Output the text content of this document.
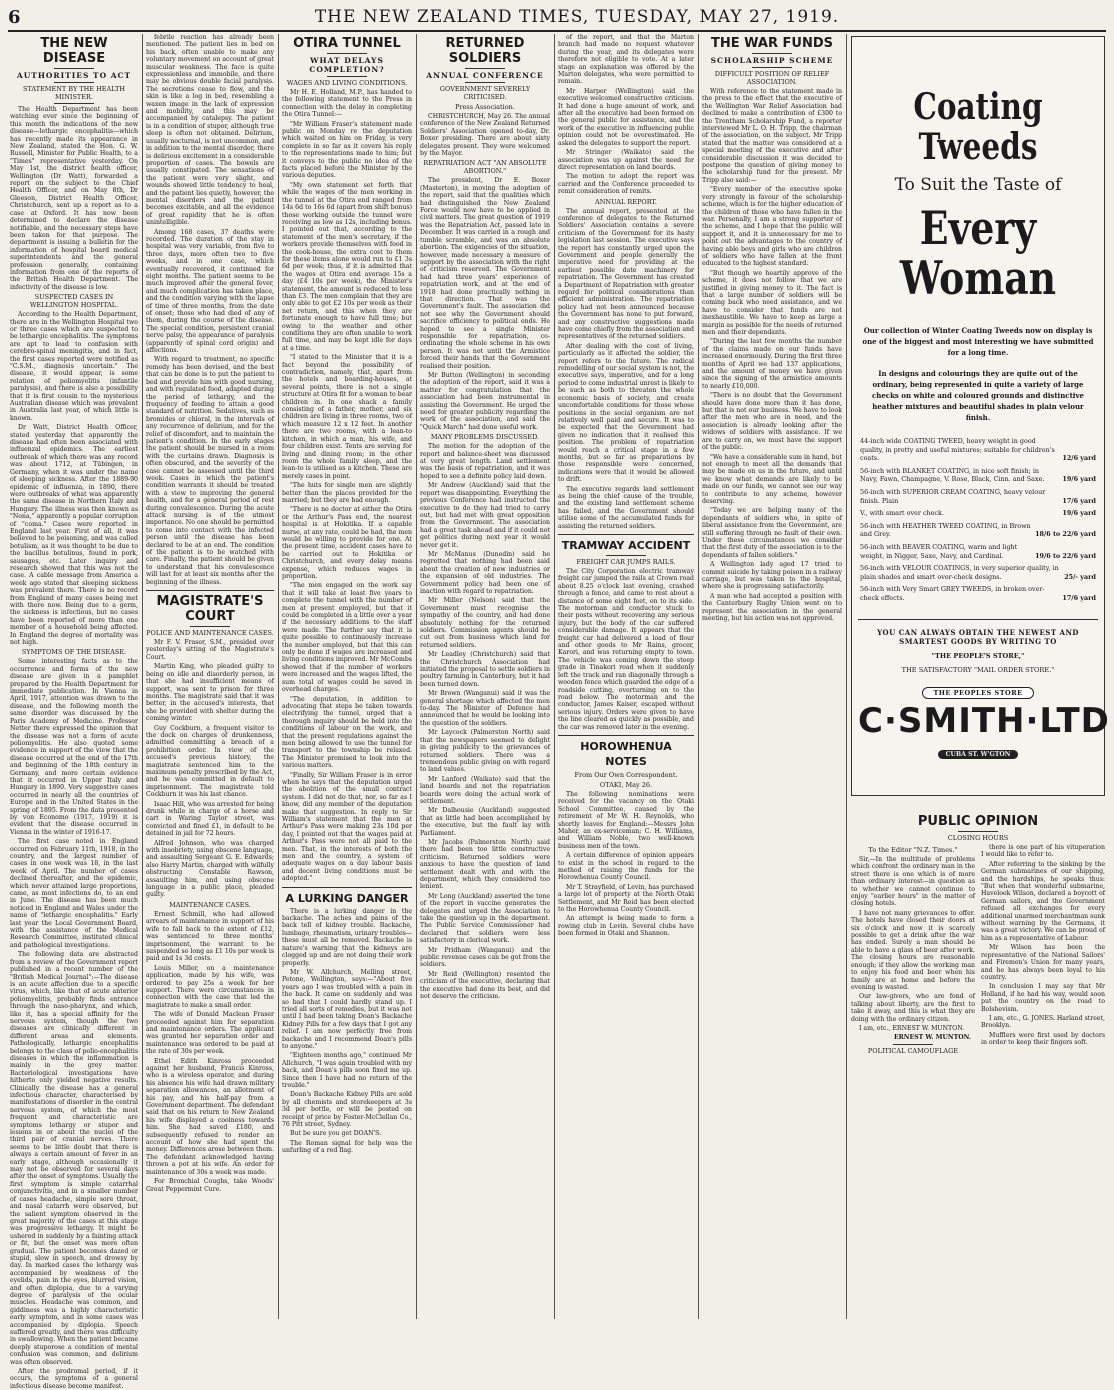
6	THE NEW ZEALAND TIMES, TUESDAY, MAY 27, 1919.
THE NEW DISEASE
AUTHORITIES TO ACT
STATEMENT BY THE HEALTH MINISTER.

The Health Department has been watching ever since the beginning of this month the indications of the new disease—lethargic encephalitis—which has recently made its appearance in New Zealand, stated the Hon. G. W. Russell, Minister for Public Health, to a "Times" representative yesterday. On May 1st, the district health officer, Wellington (Dr Watt), forwarded a report on the subject to the Chief Health Officer, and on May 8th, Dr Gleeson, District Health Officer, Christchurch, sent up a report as to a case at Oxford. It has now been determined to declare the disease notifiable, and the necessary steps have been taken for that purpose. The department is issuing a bulletin for the information of hospital board medical superintendents and the general profession generally, containing information from one of the reports of the British Health Department. The infectivity of the disease is low.

SUSPECTED CASES IN WELLINGTON HOSPITAL.

According to the Health Department, there are in the Wellington Hospital two or three cases which are suspected to be lethargic encephalitis. The symptoms are apt to lead to confusion with cerebro-spinal meningitis, and in fact, the first cases reported were notified as "C.S.M., diagnosis uncertain." The disease, it would appear, is some relation of poliomyelitis (infantile paralysis), and there is also a possibility that it is first cousin to the mysterious Australian disease which was prevalent in Australia last year, of which little is known.

Dr Watt, District Health Officer, stated yesterday that apparently the disease had often been associated with influenzal epidemics. The earliest outbreak of which there was any record was about 1712, at Tübingen, in Germany, when it was under the name of sleeping sickness. After the 1889-90 epidemic of influenza, in 1890, there were outbreaks of what was apparently the same disease in Northern Italy and Hungary. The illness was then known as "Nona," apparently a popular corruption of "coma." Cases were reported in England last year. First of all, it was believed to be poisoning, and was called botulism, as it was thought to be due to the bacillus botulinus, found in pork, sausages, etc. Later inquiry and research showed that this was not the case. A cable message from America a week ago stated that sleeping sickness was prevalent there. There is no record from England of many cases being met with there now. Being due to a germ, the sickness is infectious, but no cases have been reported of more than one member of a household being affected. In England the degree of mortality was not high.

SYMPTOMS OF THE DISEASE.

Some interesting facts as to the occurrence and forms of the new disease are given in a pamphlet prepared by the Health Department for immediate publication. In Vienna in April, 1917, attention was drawn to the disease, and the following month the same disorder was discussed by the Paris Academy of Medicine. Professor Netter there expressed the opinion that the disease was not a form of acute poliomyelitis. He also quoted some evidence in support of the view that the disease occurred at the end of the 17th and beginning of the 18th century in Germany, and more certain evidence that it occurred in Upper Italy and Hungary in 1890. Very suggestive cases occurred in nearly all the countries of Europe and in the United States in the spring of 1895. From the data presented by von Economo (1917, 1919) it is evident that the disease occurred in Vienna in the winter of 1916-17.

The first case noted in England occurred on February 11th, 1918, in the country, and the largest number of cases in one week was 18, in the last week of April. The number of cases declined thereafter, and the epidemic, which never attained large proportions, came, as most infections do, to an end in June. The disease has been much noticed in England and Wales under the name of "lethargic encephalitis." Early last year the Local Government Board, with the assistance of the Medical Research Committee, instituted clinical and pathological investigations.

The following data are abstracted from a review of the Government report published in a recent number of the "British Medical Journal":—The disease is an acute affection due to a specific virus, which, like that of acute anterior poliomyelitis, probably finds entrance through the naso-pharynx, and which, like it, has a special affinity for the nervous system, though the two diseases are clinically different in different areas and elements. Pathologically, lethargic encephalitis belongs to the class of polio-encephalitis diseases in which the inflammation is mainly in the grey matter. Bacteriological investigations have hitherto only yielded negative results. Clinically the disease has a general infectious character, characterised by manifestations of disorder in the central nervous system, of which the most frequent and characteristic are symptoms lethargy or stupor and lesions in or about the nuclei of the third pair of cranial nerves. There seems to be little doubt that there is always a certain amount of fever in an early stage, although occasionally it may not be observed for several days after the onset of symptoms. Usually the first symptom is simple catarrhal conjunctivitis, and in a smaller number of cases headache, simple sore throat, and nasal catarrh were observed, but the salient symptom observed in the great majority of the cases at this stage was progressive lethargy. It might be ushered in suddenly by a fainting attack or fit, but the onset was more often gradual. The patient becomes dazed or stupid, slow in speech, and drowsy by day. In marked cases the lethargy was accompanied by weakness of the eyelids, pain in the eyes, blurred vision, and often diplopia, due to a varying degree of paralysis of the ocular muscles. Headache was common, and giddiness was a highly characteristic early symptom, and in some cases was accompanied by diplopia. Speech suffered greatly, and there was difficulty in swallowing. When the patient became deeply stuporose a condition of mental confusion was common, and delirium was often observed.

After the prodromal period, if it occurs, the symptoms of a general infectious disease become manifest.

febrile reaction has already been mentioned. The patient lies in bed on his back, often unable to make any voluntary movement on account of great muscular weakness. The face is quite expressionless and immobile, and there may be obvious double facial paralysis. The secretions cease to flow, and the skin is like a log in bed, resembling a waxen image in the lack of expression and mobility, and this may be accompanied by catalepsy. The patient is in a condition of stupor, although true sleep is often not obtained. Delirium, usually nocturnal, is not uncommon, and in addition to the mental disorder, there is delirious excitement in a considerable proportion of cases. The bowels are usually constipated. The sensations of the patient were very slight, and wounds showed little tendency to heal, and the patient lies quietly, however, the mental disorders and the patient becomes excitable, and all the evidence of great rapidity that he is often unintelligible.

Among 168 cases, 37 deaths were recorded. The duration of the stay in hospital was very variable, from five to three days, more often two to five weeks, and in one case, which eventually recovered, it continued for eight months. The patient seems to be much improved after the general fever, and much complication has taken place, and the condition varying with the lapse of time of three months, from the date of onset; those who had died of any of them, during the course of the disease. The special condition, persistent cranial nerve palsy, the appearance of paralysis (apparently of spinal cord origin) and affections.

With regard to treatment, no specific remedy has been devised, and the best that can be done is to put the patient to bed and provide him with good nursing, and with regulated food, adapted during the period of lethargy, and the frequency of feeding to attain a good standard of nutrition. Sedatives, such as bromides or chloral, in the intervals of any recurrence of delirium, and for the relief of discomfort, and to maintain the patient's condition. In the early stages the patient should be nursed in a room with the curtains drawn. Diagnosis is often obscured, and the severity of the case cannot be assessed until the third week. Cases in which the patient's condition warrants it should be treated with a view to improving the general health, and for a general period of rest during convalescence. During the acute attack nursing is of the utmost importance. No one should be permitted to come into contact with the infected person until the disease has been declared to be at an end. The condition of the patient is to be watched with care. Finally, the patient should be given to understand that his convalescence will last for at least six months after the beginning of the illness.

MAGISTRATE'S COURT
POLICE AND MAINTENANCE CASES.

Mr F. V. Fraser, S.M., presided over yesterday's sitting of the Magistrate's Court.

Martin King, who pleaded guilty to being on idle and disorderly person, in that she had insufficient means of support, was sent to prison for three months. The magistrate said that it was better, in the accused's interests, that she be provided with shelter during the coming winter.

Guy Cockburn, a frequent visitor to the dock on charges of drunkenness, admitted committing a breach of a prohibition order. In view of the accused's previous history, the magistrate sentenced him to the maximum penalty prescribed by the Act, and he was committed in default to imprisonment. The magistrate told Cockburn it was his last chance.

Isaac Hill, who was arrested for being drunk while in charge of a horse and cart in Waring Taylor street, was convicted and fined £1, in default to be detained in jail for 72 hours.

Alfred Johnson, who was charged with insobriety, using obscene language, and assaulting Sergeant G. E. Edwards; also Harry Martin, charged with wilfully obstructing Constable Rawson, assaulting him, and using obscene language in a public place, pleaded guilty.

MAINTENANCE CASES.

Ernest Schmill, who had allowed arrears of maintenance in support of his wife to fall back to the extent of £12, was sentenced to three months' imprisonment, the warrant to be suspended so long as £1 10s per week is paid and 1s 3d costs.

Louis Miller, on a maintenance application, made by his wife, was ordered to pay 25s a week for her support. There were circumstances in connection with the case that led the magistrate to make a small order.

The wife of Donald Maclean Fraser proceeded against him for separation and maintenance orders. The applicant was granted her separation order and maintenance was ordered to be paid at the rate of 30s per week.

Ethel Edith Kinross proceeded against her husband, Francis Kinross, who is a wireless operator, and during his absence his wife had drawn military separation allowances, an allotment of his pay, and his half-pay from a Government department. The defendant said that on his return to New Zealand his wife displayed a coolness towards him. She had saved £180, and subsequently refused to render an account of how she had spent the money. Differences arose between them. The defendant acknowledged having thrown a pot at his wife. An order for maintenance of 30s a week was made.

For Bronchial Coughs, take Woods' Great Peppermint Cure.

OTIRA TUNNEL
WHAT DELAYS COMPLETION?
WAGES AND LIVING CONDITIONS.

Mr H. E. Holland, M.P., has handed to the following statement to the Press in connection with the delay in completing the Otira Tunnel:—

"Mr William Fraser's statement made public on Monday re the deputation which waited on him on Friday, is very complete in so far as it covers his reply to the representations made to him; but it conveys to the public no idea of the facts placed before the Minister by the various deputies.

"My own statement set forth that while the wages of the men working in the tunnel at the Otira end ranged from 14s 6d to 16s 6d (apart from shift bonus) those working outside the tunnel were receiving as low as 12s, including bonus. I pointed out that, according to the statement of the men's secretary, if the workers provide themselves with food in the cook-house, the extra cost to them for these items alone would run to £1 3s 6d per week; thus, if it is admitted that the wages at Otira end average 15s a day (£4 10s per week), the Minister's statement, the amount is reduced to less than £3. The men complain that they are only able to get £2 10s per week as their net return, and this when they are fortunate enough to have full time; but owing to the weather and other conditions they are often unable to work full time, and may be kept idle for days at a time.

"I stated to the Minister that it is a fact beyond the possibility of contradiction, namely, that, apart from the hotels and boarding-houses, at several points, there is not a single structure at Otira fit for a woman to bear children in. In one shack a family consisting of a father, mother, and six children are living in three rooms, two of which measure 12 x 12 feet. In another there are two rooms, with a lean-to kitchen, in which a man, his wife, and four children exist. Tents are serving for living and dining room; in the other room the whole family sleep, and the lean-to is utilised as a kitchen. These are merely cases in point.

"The huts for single men are slightly better than the places provided for the married; but they are bad enough.

"There is no doctor at either the Otira or the Arthur's Pass end, the nearest hospital is at Hokitika. If a capable nurse, at any rate, could be had, the men would be willing to provide for one. At the present time, accident cases have to be carried out to Hokitika or Christchurch, and every delay means expense, which reduces wages in proportion.

"The men engaged on the work say that it will take at least five years to complete the tunnel with the number of men at present employed, but that it could be completed in a little over a year if the necessary additions to the staff were made. The further say that it is quite possible to continuously increase the number employed, but that this can only be done if wages are increased and living conditions improved. Mr McCombs showed that if the number of workers were increased and the wages lifted, the sum total of wages could be saved in overhead charges.

"The deputation, in addition to advocating that steps be taken towards electrifying the tunnel, urged that a thorough inquiry should be held into the conditions of labour on the work, and that the present regulations against the men being allowed to use the tunnel for transport to the township be relaxed. The Minister promised to look into the various matters.

"Finally, Sir William Fraser is in error when he says that the deputation urged the abolition of the small contract system. I did not do that, nor, so far as I know, did any member of the deputation make that suggestion. In reply to Sir William's statement that the men at Arthur's Pass were making 23s 10d per day, I pointed out that the wages paid at Arthur's Pass were not all paid to the men. That, in the interests of both the men and the country, a system of adequate wages on a day labour basis and decent living conditions must be adopted."

A LURKING DANGER

There is a lurking danger in the backache. The aches and pains of the back tell of kidney trouble. Backache, lumbago, rheumatism, urinary troubles—these must all be removed. Backache is nature's warning that the kidneys are clogged up and are not doing their work properly.

Mr W. Allchurch, Melling street, Petone, Wellington, says:—"About five years ago I was troubled with a pain in the back. It came on suddenly and was so bad that I could hardly stand up. I tried all sorts of remedies, but it was not until I had been taking Doan's Backache Kidney Pills for a few days that I got any relief. I am now perfectly free from backache and I recommend Doan's pills to anyone."

"Eighteen months ago," continued Mr Allchurch, "I was again troubled with my back, and Doan's pills soon fixed me up. Since then I have had no return of the trouble."

Doan's Backache Kidney Pills are sold by all chemists and storekeepers at 3s 3d per bottle, or will be posted on receipt of price by Foster-McClellan Co., 76 Pitt street, Sydney.

But be sure you get DOAN'S.

The Roman signal for help was the unfurling of a red flag.

RETURNED SOLDIERS
ANNUAL CONFERENCE
GOVERNMENT SEVERELY CRITICISED.
Press Association.

CHRISTCHURCH, May 26. The annual conference of the New Zealand Returned Soldiers' Association opened to-day, Dr. Boxer presiding. There are about sixty delegates present. They were welcomed by the Mayor.

REPATRIATION ACT "AN ABSOLUTE ABORTION."

The president, Dr E. Boxer (Masterton), in moving the adoption of the report, said that the qualities which had distinguished the New Zealand Force would now have to be applied in civil matters. The great question of 1919 was the Repatriation Act, passed late in December. It was carried in a rough and tumble scramble, and was an absolute abortion. The exigencies of the situation, however, made necessary a measure of support by the association with the right of criticism reserved. The Government had had three years' experience of repatriation work, and at the end of 1918 had done practically nothing in that direction. That was the Government's fault. The association did not see why the Government should sacrifice efficiency to political ends. He hoped to see a single Minister responsible for repatriation, co-ordinating the whole scheme in his own person. It was not until the Armistice forced their hands that the Government realised their position.

Mr Button (Wellington) in seconding the adoption of the report, said it was a matter for congratulation that the association had been instrumental in assisting the Government. He urged the need for greater publicity regarding the work of the association, and said the "Quick March" had done useful work.

MANY PROBLEMS DISCUSSED.

The motion for the adoption of the report and balance-sheet was discussed at very great length. Land settlement was the basis of repatriation, and it was hoped to see a definite policy laid down.

Mr Andrew (Auckland) said that the report was disappointing. Everything the previous Conference had instructed the executive to do they had tried to carry out, but had met with great opposition from the Government. The association had a great task ahead and if it could not get politics during next year it would never get it.

Mr McManus (Dunedin) said he regretted that nothing had been said about the creation of new industries or the expansion of old industries. The Government policy had been one of inaction with regard to repatriation.

Mr Miller (Nelson) said that the Government must recognise the sympathy of the country, and had done absolutely nothing for the returned soldiers. Commission agents should be cut out from business which land for returned soldiers.

Mr Leadley (Christchurch) said that the Christchurch Association had initiated the proposal to settle soldiers in poultry farming in Canterbury, but it had been turned down.

Mr Brown (Wanganui) said it was the general shortage which affected the men to-day. The Minister of Defence had announced that he would be looking into the question of the soldiers.

Mr Laycock (Palmerston North) said that the newspapers seemed to delight in giving publicity to the grievances of returned soldiers. There was a tremendous public giving on with regard to land values.

Mr Lanford (Waikato) said that the land boards and not the repatriation boards were doing the actual work of settlement.

Mr Dalhousie (Auckland) suggested that as little had been accomplished by the executive, but the fault lay with Parliament.

Mr Jacobs (Palmerston North) said there had been too little constructive criticism. Returned soldiers were anxious to have the question of land settlement dealt with and with the department, which they considered too lenient.

Mr Long (Auckland) asserted the tone of the report in vaccine generates the delegates and urged the Association to take the question up in the department. The Public Service Commissioner had declared that soldiers were less satisfactory in clerical work.

Mr Pridham (Wanganui) and the public revenue cases can be got from the soldiers.

Mr Reid (Wellington) resented the criticism of the executive, declaring that the executive had done its best, and did not deserve the criticism.

of the report, and that the Marton branch had made no request whatever during the year, and its delegates were therefore not eligible to vote. At a later stage an explanation was offered by the Marton delegates, who were permitted to remain.

Mr Harper (Wellington) said the executive welcomed constructive criticism. It had done a huge amount of work, and after all the executive had been formed on the general public for assistance, and the work of the executive in influencing public opinion could not be overestimated. He asked the delegates to support the report.

Mr Stringer (Waikato) said the association was up against the need for direct representation on land boards.

The motion to adopt the report was carried and the Conference proceeded to remit consideration of remits.

ANNUAL REPORT.

The annual report, presented at the conference of delegates to the Returned Soldiers' Association contains a severe criticism of the Government for its hasty legislation last session. The executive says the report has constantly urged upon the Government and people generally the imperative need for providing at the earliest possible date machinery for repatriation. The Government has created a Department of Repatriation with greater regard for political considerations than efficient administration. The repatriation policy had not been announced because the Government has none to put forward, and any constructive suggestions made have come chiefly from the association and representatives of the returned soldiers.

After dealing with the cost of living, particularly as it affected the soldier, the report refers to the future. The radical remodelling of our social system is not, the executive says, imperative, and for a long period to come industrial unrest is likely to be such as both to threaten the whole economic basis of society, and create uncomfortable conditions for those whose positions in the social organism are not relatively well paid and secure. It was to be expected that the Government had given no indication that it realised this position. The problem of repatriation would reach a critical stage in a few months, but so far as preparations by those responsible were concerned, indications were that it would be allowed to drift.

The executive regards land settlement as being the chief cause of the trouble, and the existing land settlement scheme has failed, and the Government should utilise some of the accumulated funds for assisting the returned soldiers.

TRAMWAY ACCIDENT
FREIGHT CAR JUMPS RAILS.

The City Corporation electric tramway freight car jumped the rails at Crown road about 8.25 o'clock last evening, crashed through a fence, and came to rest about a distance of some eight feet, on to its side. The motorman and conductor stuck to their posts without recovering any serious injury, but the body of the car suffered considerable damage. It appears that the freight car had delivered a load of flour and other goods to Mr Rains, grocer, Karori, and was returning empty to town. The vehicle was coming down the steep grade in Tinakori road when it suddenly left the track and ran diagonally through a wooden fence which guarded the edge of a roadside cutting, overturning on to the road below. The motorman and the conductor, James Kaiser, escaped without serious injury. Orders were given to have the line cleared as quickly as possible, and the car was removed later in the evening.

HOROWHENUA NOTES
From Our Own Correspondent.
OTAKI, May 26.

The following nominations were received for the vacancy on the Otaki School Committee, caused by the retirement of Mr W. H. Reynolds, who shortly leaves for England:—Messrs John Maher, an ex-serviceman; C. H. Williams, and William Noble, two well-known business men of the town.

A certain difference of opinion appears to exist in the school in regard to the method of raising the funds for the Horowhenua County Council.

Mr T. Strayfield, of Levin, has purchased a large lot of property at the North Otaki Settlement, and Mr Reid has been elected to the Horowhenua County Council.

An attempt is being made to form a rowing club in Levin. Several clubs have been formed in Otaki and Shannon.

THE WAR FUNDS
SCHOLARSHIP SCHEME
DIFFICULT POSITION OF RELIEF ASSOCIATION.

With reference to the statement made in the press to the effect that the executive of the Wellington War Relief Association had declined to make a contribution of £300 to the Trentham Scholarship Fund, a reporter interviewed Mr L. O. H. Tripp, the chairman of the association, on the subject. Mr Tripp stated that the matter was considered at a special meeting of the executive and after considerable discussion it was decided to postpone the question of giving money to the scholarship fund for the present. Mr Tripp also said:—

"Every member of the executive spoke very strongly in favour of the scholarship scheme, which is for the higher education of the children of those who have fallen in the war. Personally, I am a strong supporter of the scheme, and I hope that the public will support it, and it is unnecessary for me to point out the advantages to the country of having able boys and girls who are children of soldiers who have fallen at the front educated to the highest standard.

"But though we heartily approve of the scheme, it does not follow that we are justified in giving money to it. The fact is that a large number of soldiers will be coming back who need assistance, and we have to consider that funds are not inexhaustible. We have to keep as large a margin as possible for the needs of returned men and their dependants.

"During the last few months the number of the claims made on our funds have increased enormously. During the first three months of April we had 137 applications, and the amount of money we have given since the signing of the armistice amounts to nearly £10,000.

"There is no doubt that the Government should have done more than it has done, but that is not our business. We have to look after the men who are in need, and the association is already looking after the widows of soldiers with assistance. If we are to carry on, we must have the support of the public.

"We have a considerable sum in hand, but not enough to meet all the demands that may be made on us in the future, and until we know what demands are likely to be made on our funds, we cannot see our way to contribute to any scheme, however deserving.

"Today we are helping many of the dependants of soldiers who, in spite of liberal assistance from the Government, are still suffering through no fault of their own. Under these circumstances we consider that the first duty of the association is to the dependants of fallen soldiers."

A Wellington lady aged 17 tried to commit suicide by taking poison in a railway carriage, but was taken to the hospital, where she is progressing satisfactorily.

A man who had accepted a position with the Canterbury Rugby Union went on to represent the association in the general meeting, but his action was not approved.

Coating Tweeds
To Suit the Taste of
Every Woman
Our collection of Winter Coating Tweeds now on display is one of the biggest and most interesting we have submitted for a long time.
In designs and colourings they are quite out of the ordinary, being represented in quite a variety of large checks on white and coloured grounds and distinctive heather mixtures and beautiful shades in plain velour finish.
44-inch wide COATING TWEED, heavy weight in good quality, in pretty and useful mixtures; suitable for children's coats.	12/6 yard
56-inch with BLANKET COATING, in nice soft finish; in Navy, Fawn, Champagne, V. Rose, Black, Cinn. and Saxe.	19/6 yard
56-inch with SUPERIOR CREAM COATING, heavy velour finish. Plain	17/6 yard
V., with smart over check.	19/6 yard
56-inch with HEATHER TWEED COATING, in Brown and Grey.	18/6 to 22/6 yard
56-inch with BEAVER COATING, warm and light weight, in Nigger, Saxe, Navy, and Cardinal.	19/6 to 22/6 yard
56-inch with VELOUR COATINGS, in very superior quality, in plain shades and smart over-check designs.	25/- yard
56-inch with Very Smart GREY TWEEDS, in broken over-check effects.	17/6 yard
YOU CAN ALWAYS OBTAIN THE NEWEST AND SMARTEST GOODS BY WRITING TO
"THE PEOPLE'S STORE,"
THE SATISFACTORY "MAIL ORDER STORE."
THE PEOPLES STORE
C·SMITH·LTD
CUBA ST. W'GTON
PUBLIC OPINION
CLOSING HOURS
To the Editor "N.Z. Times."

Sir,—In the multitude of problems which confront the ordinary man in the street there is one which is of more than ordinary interest—in question as to whether we cannot continue to enjoy "earlier hours" in the matter of closing hotels.

I have not many grievances to offer. The hotels have closed their doors at six o'clock and now it is scarcely possible to get a drink after the war has ended. Surely a man should be able to have a glass of beer after work. The closing hours are reasonable enough; if they allow the working man to enjoy his food and beer when his family are at home and before the evening is wasted.

Our law-givers, who are fond of talking about liberty, are the first to take it away, and this is what they are doing with the ordinary citizen.

I am, etc., ERNEST W. MUNTON.

ERNEST W. MUNTON.
POLITICAL CAMOUFLAGE

there is one part of his vituperation I would like to refer to.

After referring to the sinking by the German submarines of our shipping, and the hardships, he speaks thus: "But when that wonderful submarine, Haveloek Wilson, declared a boycott of German sailors, and the Government refused all exchanges for every additional unarmed merchantman sunk without warning by the Germans, it was a great victory. We can be proud of him as a representative of Labour.

Mr Wilson has been the representative of the National Sailors' and Firemen's Union for many years, and he has always been loyal to his country.

In conclusion I may say that Mr Holland, if he had his way, would soon put the country on the road to Bolshevism.

I am, etc., G. JONES. Harland street, Brooklyn.

Mufflers were first used by doctors in order to keep their fingers soft.
